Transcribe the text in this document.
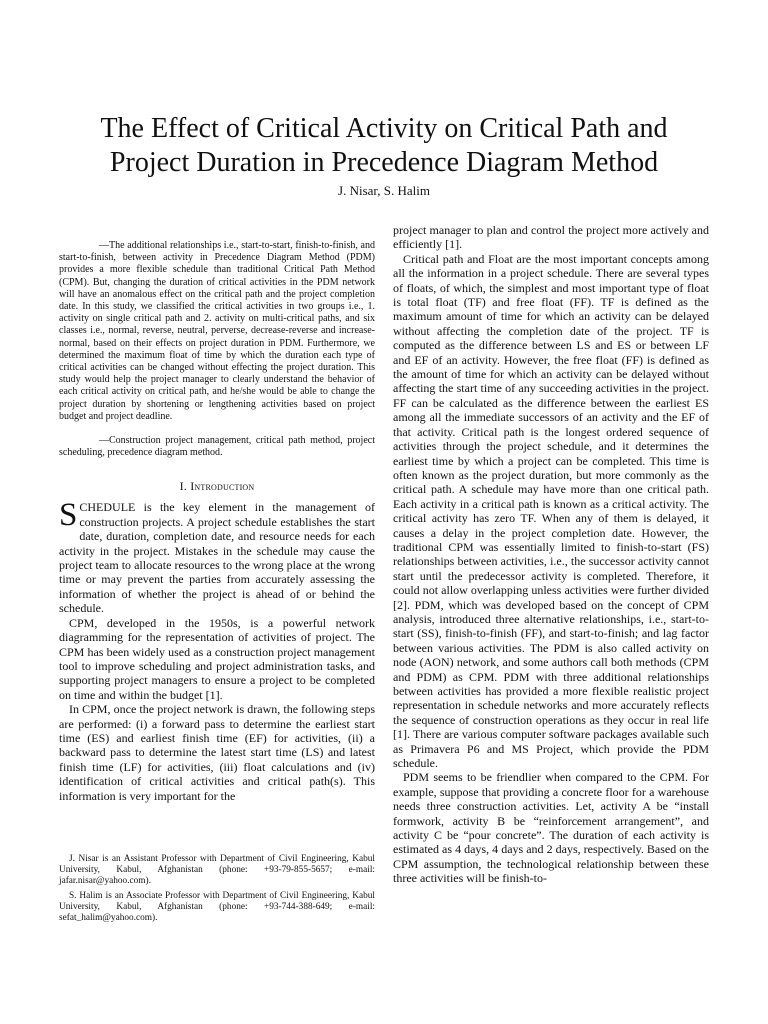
The Effect of Critical Activity on Critical Path and
Project Duration in Precedence Diagram Method
J. Nisar, S. Halim

—The additional relationships i.e., start-to-start, finish-to-finish, and start-to-finish, between activity in Precedence Diagram Method (PDM) provides a more flexible schedule than traditional Critical Path Method (CPM). But, changing the duration of critical activities in the PDM network will have an anomalous effect on the critical path and the project completion date. In this study, we classified the critical activities in two groups i.e., 1. activity on single critical path and 2. activity on multi-critical paths, and six classes i.e., normal, reverse, neutral, perverse, decrease-reverse and increase-normal, based on their effects on project duration in PDM. Furthermore, we determined the maximum float of time by which the duration each type of critical activities can be changed without effecting the project duration. This study would help the project manager to clearly understand the behavior of each critical activity on critical path, and he/she would be able to change the project duration by shortening or lengthening activities based on project budget and project deadline.

—Construction project management, critical path method, project scheduling, precedence diagram method.

I. Introduction

SCHEDULE is the key element in the management of construction projects. A project schedule establishes the start date, duration, completion date, and resource needs for each activity in the project. Mistakes in the schedule may cause the project team to allocate resources to the wrong place at the wrong time or may prevent the parties from accurately assessing the information of whether the project is ahead of or behind the schedule.

CPM, developed in the 1950s, is a powerful network diagramming for the representation of activities of project. The CPM has been widely used as a construction project management tool to improve scheduling and project administration tasks, and supporting project managers to ensure a project to be completed on time and within the budget [1].

In CPM, once the project network is drawn, the following steps are performed: (i) a forward pass to determine the earliest start time (ES) and earliest finish time (EF) for activities, (ii) a backward pass to determine the latest start time (LS) and latest finish time (LF) for activities, (iii) float calculations and (iv) identification of critical activities and critical path(s). This information is very important for the

J. Nisar is an Assistant Professor with Department of Civil Engineering, Kabul University, Kabul, Afghanistan (phone: +93-79-855-5657; e-mail: jafar.nisar@yahoo.com).

S. Halim is an Associate Professor with Department of Civil Engineering, Kabul University, Kabul, Afghanistan (phone: +93-744-388-649; e-mail: sefat_halim@yahoo.com).

project manager to plan and control the project more actively and efficiently [1].

Critical path and Float are the most important concepts among all the information in a project schedule. There are several types of floats, of which, the simplest and most important type of float is total float (TF) and free float (FF). TF is defined as the maximum amount of time for which an activity can be delayed without affecting the completion date of the project. TF is computed as the difference between LS and ES or between LF and EF of an activity. However, the free float (FF) is defined as the amount of time for which an activity can be delayed without affecting the start time of any succeeding activities in the project. FF can be calculated as the difference between the earliest ES among all the immediate successors of an activity and the EF of that activity. Critical path is the longest ordered sequence of activities through the project schedule, and it determines the earliest time by which a project can be completed. This time is often known as the project duration, but more commonly as the critical path. A schedule may have more than one critical path. Each activity in a critical path is known as a critical activity. The critical activity has zero TF. When any of them is delayed, it causes a delay in the project completion date. However, the traditional CPM was essentially limited to finish-to-start (FS) relationships between activities, i.e., the successor activity cannot start until the predecessor activity is completed. Therefore, it could not allow overlapping unless activities were further divided [2]. PDM, which was developed based on the concept of CPM analysis, introduced three alternative relationships, i.e., start-to-start (SS), finish-to-finish (FF), and start-to-finish; and lag factor between various activities. The PDM is also called activity on node (AON) network, and some authors call both methods (CPM and PDM) as CPM. PDM with three additional relationships between activities has provided a more flexible realistic project representation in schedule networks and more accurately reflects the sequence of construction operations as they occur in real life [1]. There are various computer software packages available such as Primavera P6 and MS Project, which provide the PDM schedule.

PDM seems to be friendlier when compared to the CPM. For example, suppose that providing a concrete floor for a warehouse needs three construction activities. Let, activity A be “install formwork, activity B be “reinforcement arrangement”, and activity C be “pour concrete”. The duration of each activity is estimated as 4 days, 4 days and 2 days, respectively. Based on the CPM assumption, the technological relationship between these three activities will be finish-to-
